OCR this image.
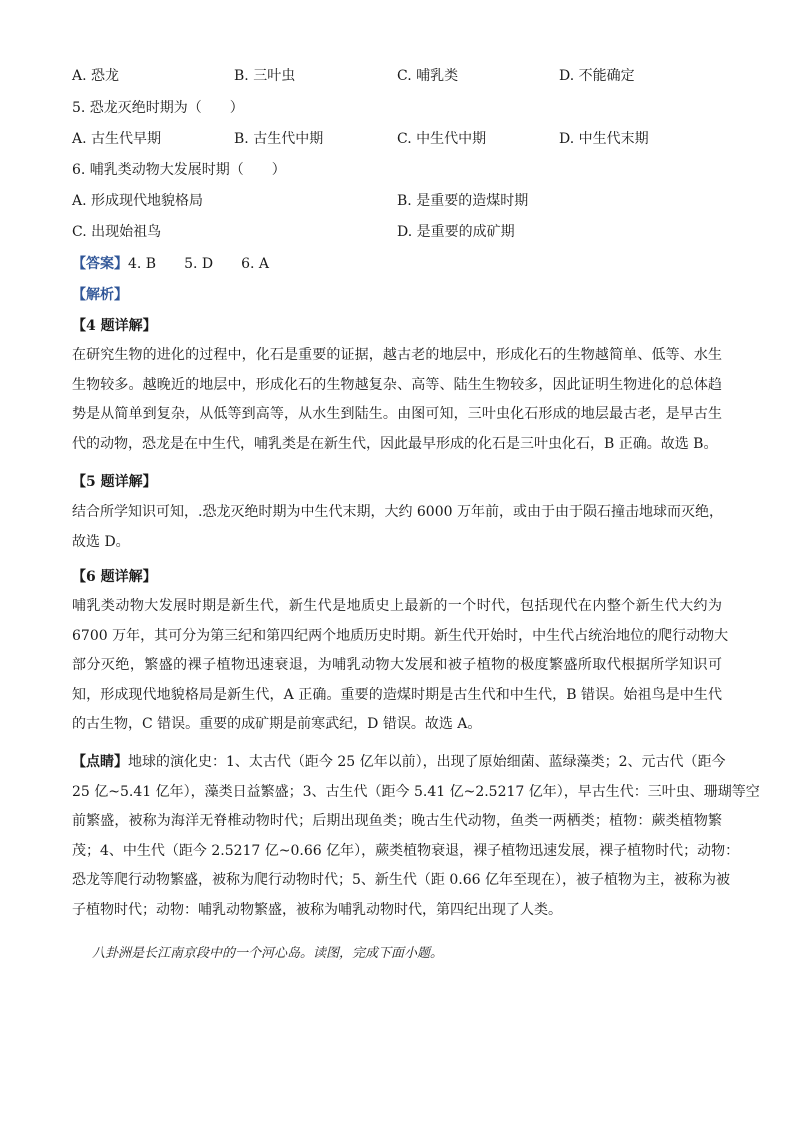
A. 恐龙	B. 三叶虫	C. 哺乳类	D. 不能确定
5. 恐龙灭绝时期为（　　）
A. 古生代早期	B. 古生代中期	C. 中生代中期	D. 中生代末期
6. 哺乳类动物大发展时期（　　）
A. 形成现代地貌格局	B. 是重要的造煤时期
C. 出现始祖鸟	D. 是重要的成矿期
【答案】4. B　　5. D　　6. A
【解析】
【4 题详解】
在研究生物的进化的过程中，化石是重要的证据，越古老的地层中，形成化石的生物越简单、低等、水生
生物较多。越晚近的地层中，形成化石的生物越复杂、高等、陆生生物较多，因此证明生物进化的总体趋
势是从简单到复杂，从低等到高等，从水生到陆生。由图可知，三叶虫化石形成的地层最古老，是早古生
代的动物，恐龙是在中生代，哺乳类是在新生代，因此最早形成的化石是三叶虫化石，B 正确。故选 B。
【5 题详解】
结合所学知识可知，.恐龙灭绝时期为中生代末期，大约 6000 万年前，或由于由于陨石撞击地球而灭绝，
故选 D。
【6 题详解】
哺乳类动物大发展时期是新生代，新生代是地质史上最新的一个时代，包括现代在内整个新生代大约为
6700 万年，其可分为第三纪和第四纪两个地质历史时期。新生代开始时，中生代占统治地位的爬行动物大
部分灭绝，繁盛的裸子植物迅速衰退，为哺乳动物大发展和被子植物的极度繁盛所取代根据所学知识可
知，形成现代地貌格局是新生代，A 正确。重要的造煤时期是古生代和中生代，B 错误。始祖鸟是中生代
的古生物，C 错误。重要的成矿期是前寒武纪，D 错误。故选 A。
【点睛】地球的演化史：1、太古代（距今 25 亿年以前），出现了原始细菌、蓝绿藻类；2、元古代（距今
25 亿~5.41 亿年），藻类日益繁盛；3、古生代（距今 5.41 亿~2.5217 亿年），早古生代：三叶虫、珊瑚等空
前繁盛，被称为海洋无脊椎动物时代；后期出现鱼类；晚古生代动物，鱼类一两栖类；植物：蕨类植物繁
茂；4、中生代（距今 2.5217 亿~0.66 亿年），蕨类植物衰退，裸子植物迅速发展，裸子植物时代；动物：
恐龙等爬行动物繁盛，被称为爬行动物时代；5、新生代（距 0.66 亿年至现在），被子植物为主，被称为被
子植物时代；动物：哺乳动物繁盛，被称为哺乳动物时代，第四纪出现了人类。
八卦洲是长江南京段中的一个河心岛。读图，完成下面小题。
